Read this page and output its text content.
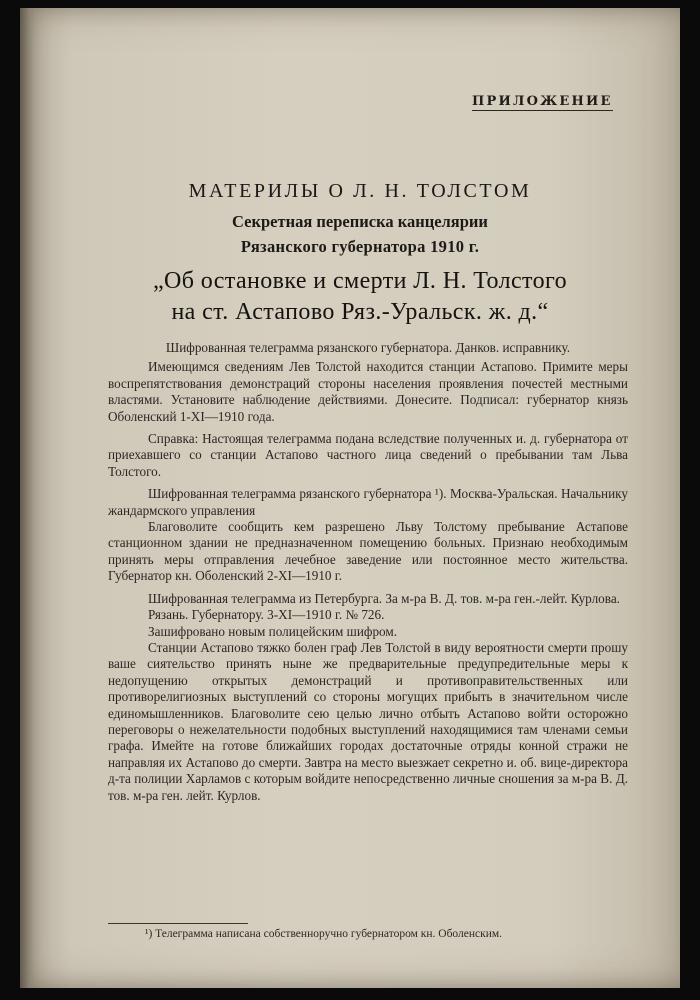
ПРИЛОЖЕНИЕ
МАТЕРИЛЫ О Л. Н. ТОЛСТОМ
Секретная переписка канцелярии
Рязанского губернатора 1910 г.
„Об остановке и смерти Л. Н. Толстого
на ст. Астапово Ряз.-Уральск. ж. д.“

Шифрованная телеграмма рязанского губернатора. Данков. исправнику.

Имеющимся сведениям Лев Толстой находится станции Астапово. Примите меры воспрепятствования демонстраций стороны населения проявления почестей местными властями. Установите наблюдение действиями. Донесите. Подписал: губернатор князь Оболенский 1-XI—1910 года.

Справка: Настоящая телеграмма подана вследствие полученных и. д. губернатора от приехавшего со станции Астапово частного лица сведений о пребывании там Льва Толстого.

Шифрованная телеграмма рязанского губернатора ¹). Москва-Уральская. Начальнику жандармского управления

Благоволите сообщить кем разрешено Льву Толстому пребывание Астапове станционном здании не предназначенном помещению больных. Признаю необходимым принять меры отправления лечебное заведение или постоянное место жительства. Губернатор кн. Оболенский 2-XI—1910 г.

Шифрованная телеграмма из Петербурга. За м-ра В. Д. тов. м-ра ген.-лейт. Курлова.

Рязань. Губернатору. 3-XI—1910 г. № 726.

Зашифровано новым полицейским шифром.

Станции Астапово тяжко болен граф Лев Толстой в виду вероятности смерти прошу ваше сиятельство принять ныне же предварительные предупредительные меры к недопущению открытых демонстраций и противоправительственных или противорелигиозных выступлений со стороны могущих прибыть в значительном числе единомышленников. Благоволите сею целью лично отбыть Астапово войти осторожно переговоры о нежелательности подобных выступлений находящимися там членами семьи графа. Имейте на готове ближайших городах достаточные отряды конной стражи не направляя их Астапово до смерти. Завтра на место выезжает секретно и. об. вице-директора д-та полиции Харламов с которым войдите непосредственно личные сношения за м-ра В. Д. тов. м-ра ген. лейт. Курлов.

¹) Телеграмма написана собственноручно губернатором кн. Оболенским.
